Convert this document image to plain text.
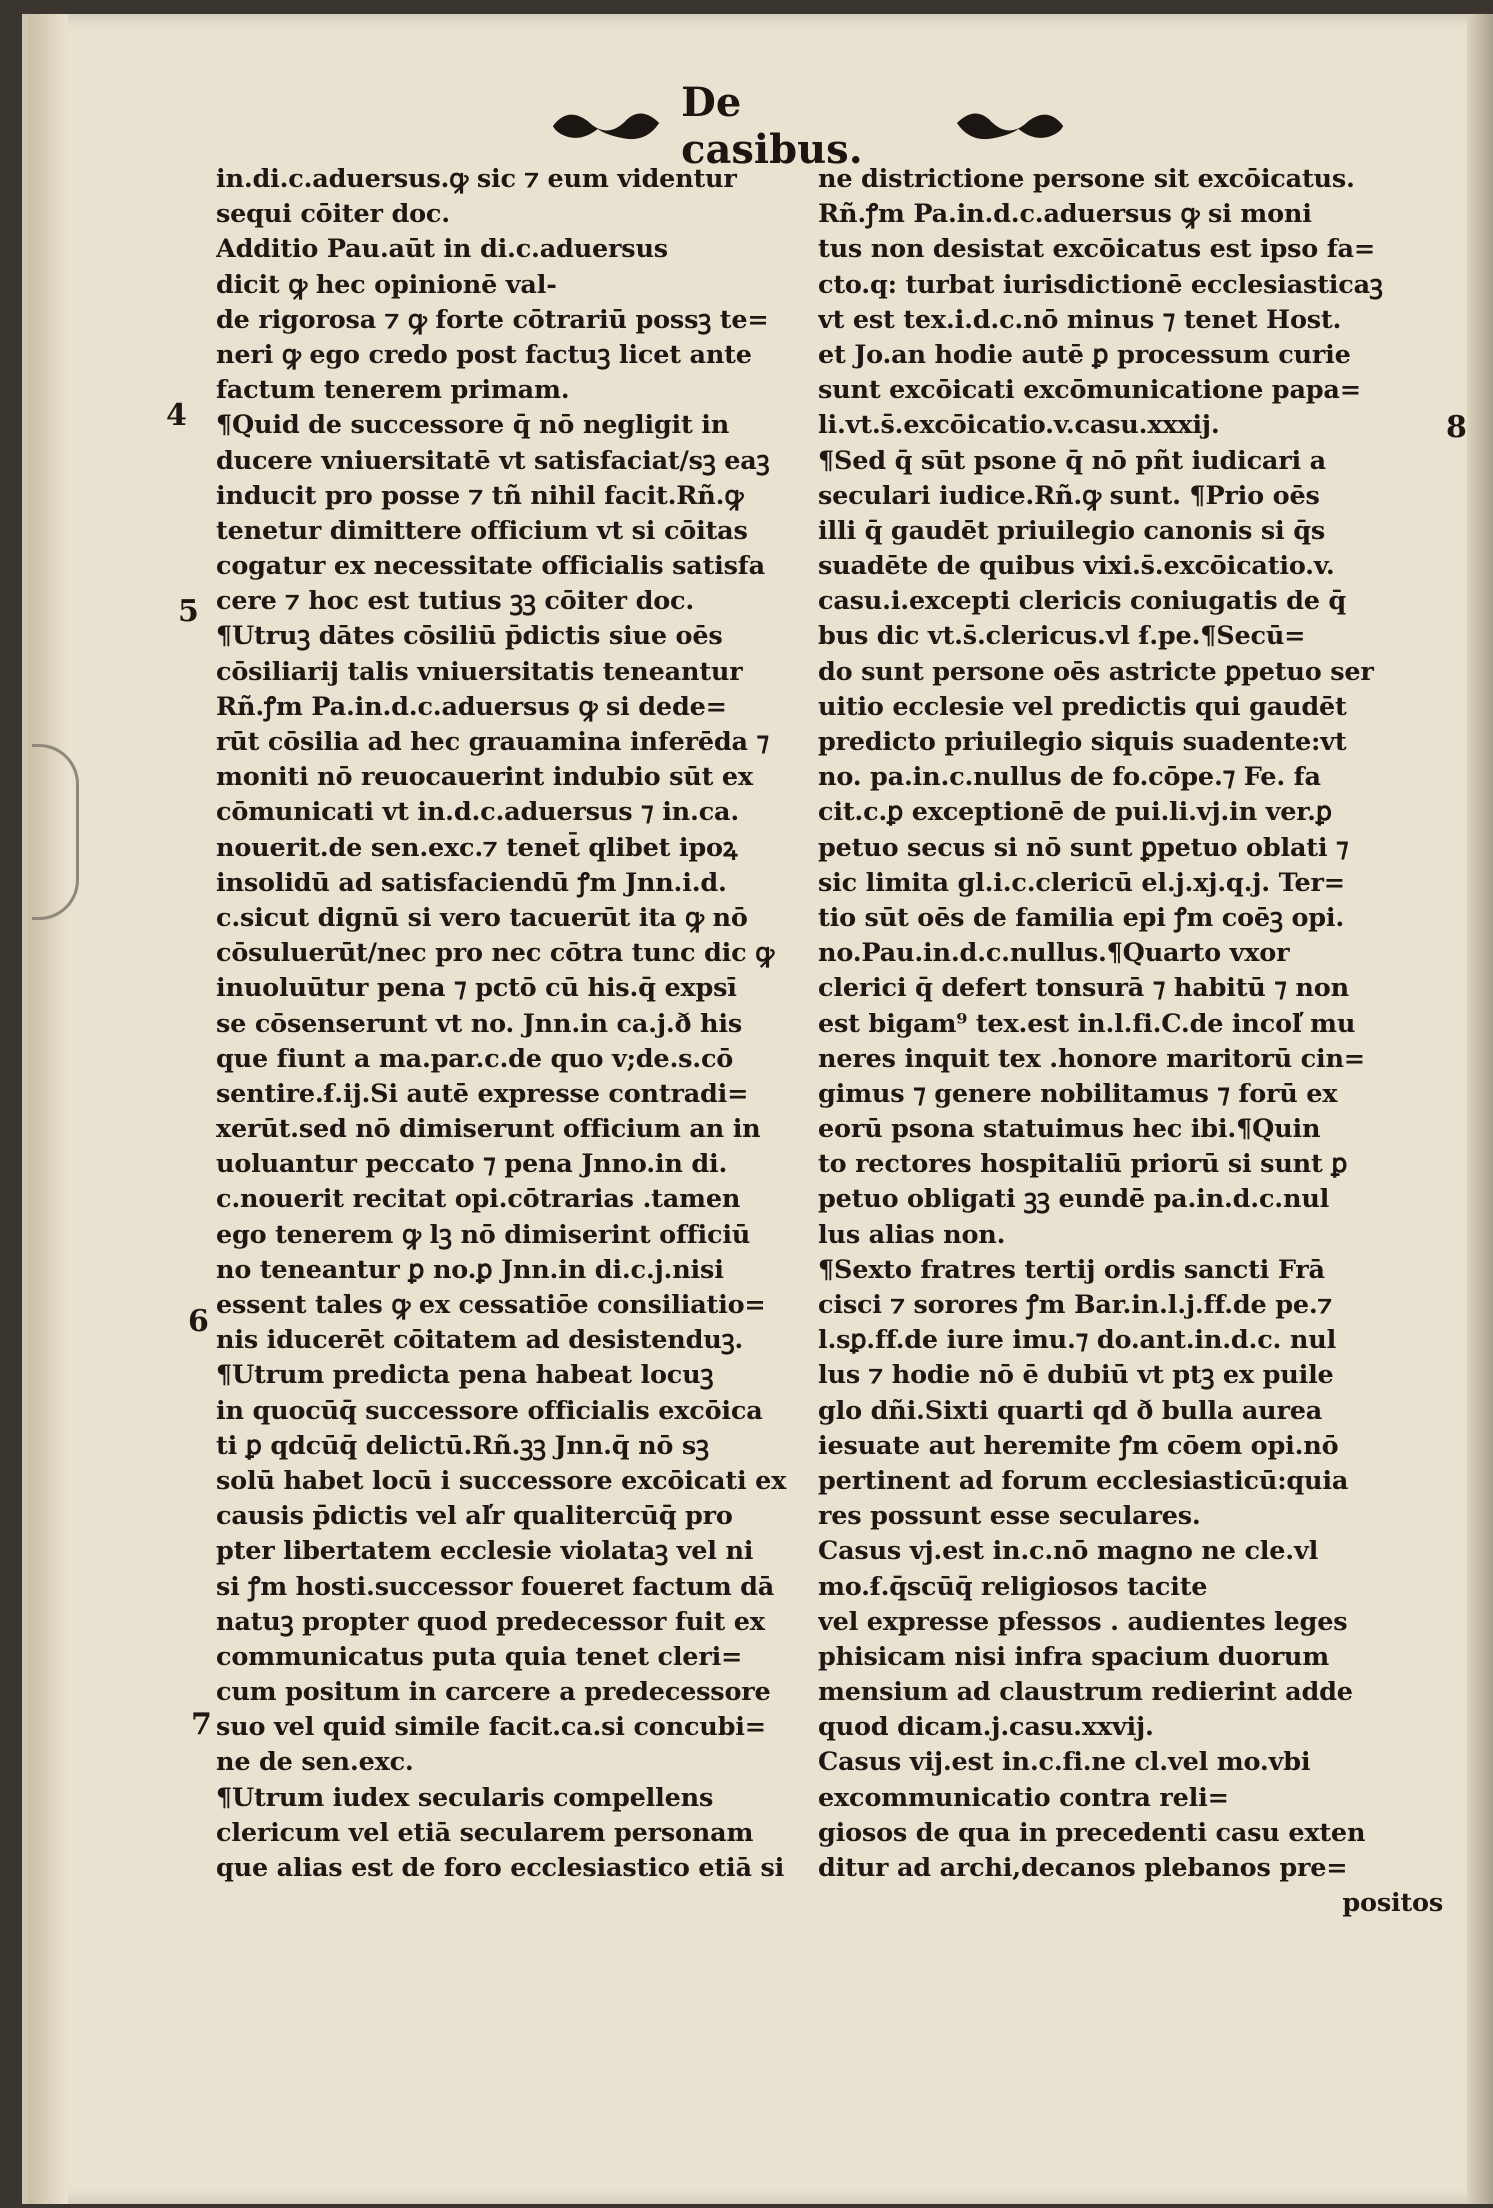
De casibus.
in.di.c.aduersus.ꝙ sic ⁊ eum videntur
sequi cōiter doc.
Additio Pau.aūt in di.c.aduersus
dicit ꝙ hec opinionē val-
de rigorosa ⁊ ꝙ forte cōtrariū possꝫ te=
neri ꝙ ego credo post factuꝫ licet ante
factum tenerem primam.
¶Quid de successore q̄ nō negligit in
ducere vniuersitatē vt satisfaciat/sꝫ eaꝫ
inducit pro posse ⁊ tñ nihil facit.Rñ.ꝙ
tenetur dimittere officium vt si cōitas
cogatur ex necessitate officialis satisfa
cere ⁊ hoc est tutius ꝫꝫ cōiter doc.
¶Utruꝫ dātes cōsiliū p̄dictis siue oēs
cōsiliarij talis vniuersitatis teneantur
Rñ.ꝭm Pa.in.d.c.aduersus ꝙ si dede=
rūt cōsilia ad hec grauamina inferēda ⁊
moniti nō reuocauerint indubio sūt ex
cōmunicati vt in.d.c.aduersus ⁊ in.ca.
nouerit.de sen.exc.⁊ tenet̄ qlibet ipoꝝ
insolidū ad satisfaciendū ꝭm Jnn.i.d.
c.sicut dignū si vero tacuerūt ita ꝙ nō
cōsuluerūt/nec pro nec cōtra tunc dic ꝙ
inuoluūtur pena ⁊ pctō cū his.q̄ expsī
se cōsenserunt vt no. Jnn.in ca.j.ð his
que fiunt a ma.par.c.de quo v;de.s.cō
sentire.ẜ.ij.Si autē expresse contradi=
xerūt.sed nō dimiserunt officium an in
uoluantur peccato ⁊ pena Jnno.in di.
c.nouerit recitat opi.cōtrarias .tamen
ego tenerem ꝙ lꝫ nō dimiserint officiū
no teneantur ꝑ no.ꝑ Jnn.in di.c.j.nisi
essent tales ꝙ ex cessatiōe consiliatio=
nis iducerēt cōitatem ad desistenduꝫ.
¶Utrum predicta pena habeat locuꝫ
in quocūq̄ successore officialis excōica
ti ꝑ qdcūq̄ delictū.Rñ.ꝫꝫ Jnn.q̄ nō sꝫ
solū habet locū i successore excōicati ex
causis p̄dictis vel al̕r qualitercūq̄ pro
pter libertatem ecclesie violataꝫ vel ni
si ꝭm hosti.successor foueret factum dā
natuꝫ propter quod predecessor fuit ex
communicatus puta quia tenet cleri=
cum positum in carcere a predecessore
suo vel quid simile facit.ca.si concubi=
ne de sen.exc.
¶Utrum iudex secularis compellens
clericum vel etiā secularem personam
que alias est de foro ecclesiastico etiā si
ne districtione persone sit excōicatus.
Rñ.ꝭm Pa.in.d.c.aduersus ꝙ si moni
tus non desistat excōicatus est ipso fa=
cto.q: turbat iurisdictionē ecclesiasticaꝫ
vt est tex.i.d.c.nō minus ⁊ tenet Host.
et Jo.an hodie autē ꝑ processum curie
sunt excōicati excōmunicatione papa=
li.vt.s̄.excōicatio.v.casu.xxxij.
¶Sed q̄ sūt psone q̄ nō pñt iudicari a
seculari iudice.Rñ.ꝙ sunt. ¶Prio oēs
illi q̄ gaudēt priuilegio canonis si q̄s
suadēte de quibus vixi.s̄.excōicatio.v.
casu.i.excepti clericis coniugatis de q̄
bus dic vt.s̄.clericus.vl ẜ.pe.¶Secū=
do sunt persone oēs astricte ꝑpetuo ser
uitio ecclesie vel predictis qui gaudēt
predicto priuilegio siquis suadente:vt
no. pa.in.c.nullus de fo.cōpe.⁊ Fe. fa
cit.c.ꝑ exceptionē de pui.li.vj.in ver.ꝑ
petuo secus si nō sunt ꝑpetuo oblati ⁊
sic limita gl.i.c.clericū el.j.xj.q.j. Ter=
tio sūt oēs de familia epi ꝭm coēꝫ opi.
no.Pau.in.d.c.nullus.¶Quarto vxor
clerici q̄ defert tonsurā ⁊ habitū ⁊ non
est bigam⁹ tex.est in.l.fi.C.de incol̕ mu
neres inquit tex .honore maritorū cin=
gimus ⁊ genere nobilitamus ⁊ forū ex
eorū psona statuimus hec ibi.¶Quin
to rectores hospitaliū priorū si sunt ꝑ
petuo obligati ꝫꝫ eundē pa.in.d.c.nul
lus alias non.
¶Sexto fratres tertij ordis sancti Frā
cisci ⁊ sorores ꝭm Bar.in.l.j.ff.de pe.⁊
l.sꝑ.ff.de iure imu.⁊ do.ant.in.d.c. nul
lus ⁊ hodie nō ē dubiū vt ptꝫ ex puile
glo dñi.Sixti quarti qd ð bulla aurea
iesuate aut heremite ꝭm cōem opi.nō
pertinent ad forum ecclesiasticū:quia
res possunt esse seculares.
Casus vj.est in.c.nō magno ne cle.vl
mo.ẜ.q̄scūq̄ religiosos tacite
vel expresse pfessos . audientes leges
phisicam nisi infra spacium duorum
mensium ad claustrum redierint adde
quod dicam.j.casu.xxvij.
Casus vij.est in.c.fi.ne cl.vel mo.vbi
excommunicatio contra reli=
giosos de qua in precedenti casu exten
ditur ad archi,decanos plebanos pre=
positos
4
5
6
7
8
